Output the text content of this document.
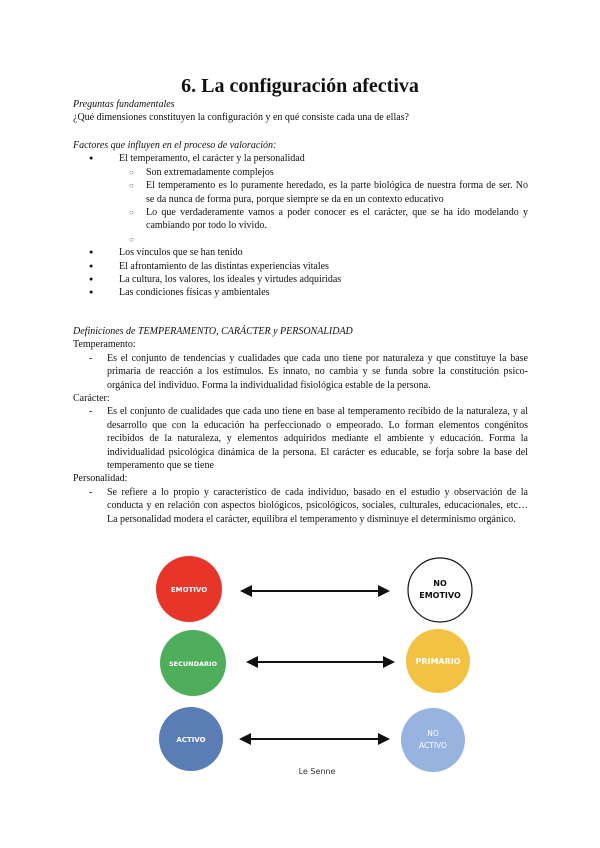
6. La configuración afectiva
Preguntas fundamentales
¿Qué dimensiones constituyen la configuración y en qué consiste cada una de ellas?
Factores que influyen en el proceso de valoración:
● El temperamento, el carácter y la personalidad
○ Son extremadamente complejos
○ El temperamento es lo puramente heredado, es la parte biológica de nuestra forma de ser. No se da nunca de forma pura, porque siempre se da en un contexto educativo
○ Lo que verdaderamente vamos a poder conocer es el carácter, que se ha ido modelando y cambiando por todo lo vivido.
○
● Los vínculos que se han tenido
● El afrontamiento de las distintas experiencias vitales
● La cultura, los valores, los ideales y virtudes adquiridas
● Las condiciones físicas y ambientales
Definiciones de TEMPERAMENTO, CARÁCTER y PERSONALIDAD
Temperamento:
- Es el conjunto de tendencias y cualidades que cada uno tiene por naturaleza y que constituye la base primaria de reacción a los estímulos. Es innato, no cambia y se funda sobre la constitución psico-orgánica del individuo. Forma la individualidad fisiológica estable de la persona.
Carácter:
- Es el conjunto de cualidades que cada uno tiene en base al temperamento recibido de la naturaleza, y al desarrollo que con la educación ha perfeccionado o empeorado. Lo forman elementos congénitos recibidos de la naturaleza, y elementos adquiridos mediante el ambiente y educación. Forma la individualidad psicológica dinámica de la persona. El carácter es educable, se forja sobre la base del temperamento que se tiene
Personalidad:
- Se refiere a lo propio y característico de cada individuo, basado en el estudio y observación de la conducta y en relación con aspectos biológicos, psicológicos, sociales, culturales, educacionales, etc… La personalidad modera el carácter, equilibra el temperamento y disminuye el determinismo orgánico.
EMOTIVO
SECUNDARIO
ACTIVO
NO
EMOTIVO
PRIMARIO
NO
ACTIVO
Le Senne
